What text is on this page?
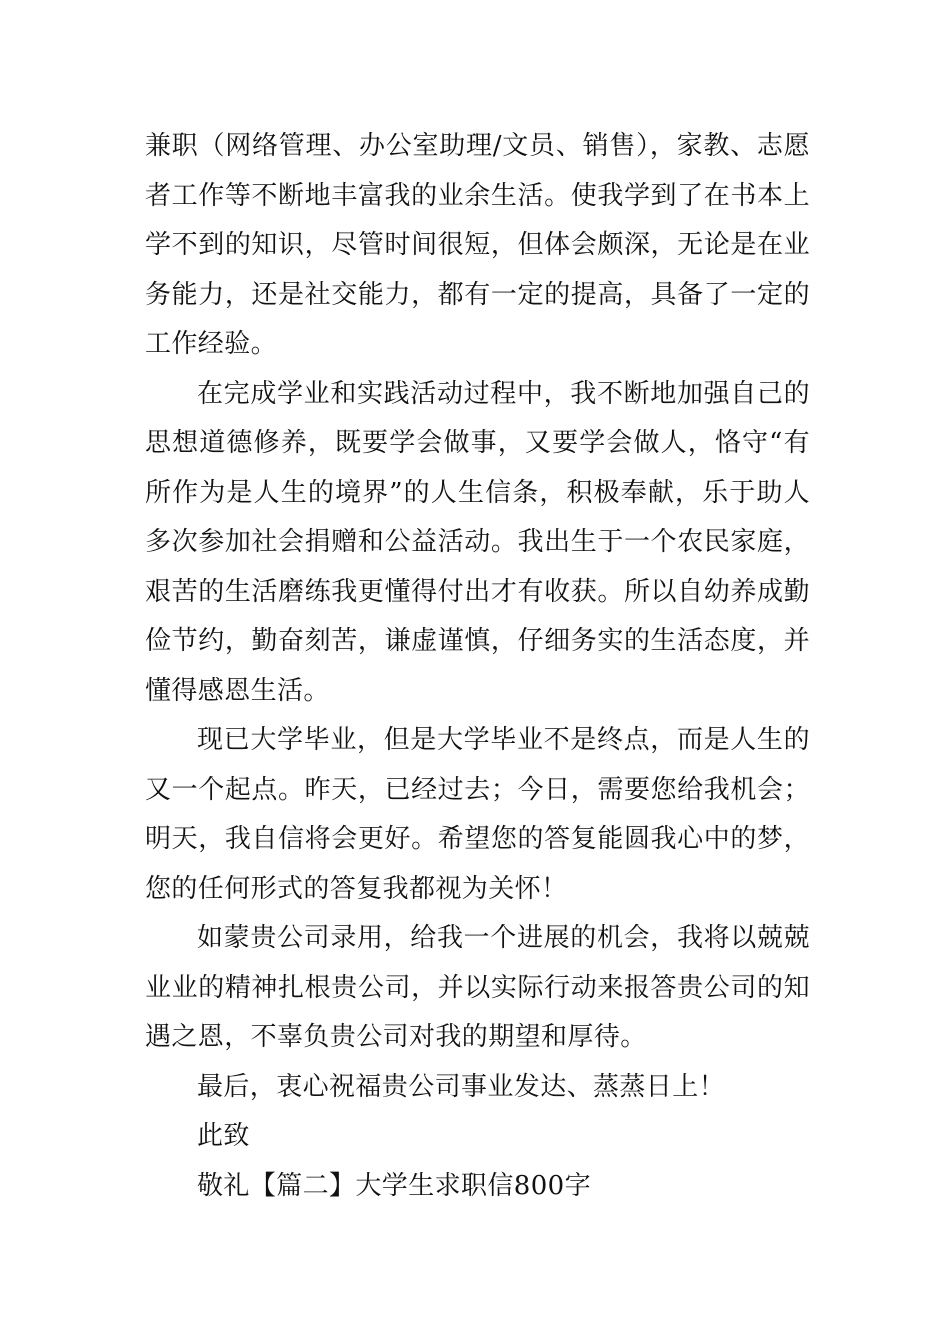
兼职（网络管理、办公室助理/文员、销售），家教、志愿者工作等不断地丰富我的业余生活。使我学到了在书本上学不到的知识，尽管时间很短，但体会颇深，无论是在业务能力，还是社交能力，都有一定的提高，具备了一定的工作经验。

在完成学业和实践活动过程中，我不断地加强自己的思想道德修养，既要学会做事，又要学会做人，恪守“有所作为是人生的境界”的人生信条，积极奉献，乐于助人多次参加社会捐赠和公益活动。我出生于一个农民家庭，艰苦的生活磨练我更懂得付出才有收获。所以自幼养成勤俭节约，勤奋刻苦，谦虚谨慎，仔细务实的生活态度，并懂得感恩生活。

现已大学毕业，但是大学毕业不是终点，而是人生的又一个起点。昨天，已经过去；今日，需要您给我机会；明天，我自信将会更好。希望您的答复能圆我心中的梦，您的任何形式的答复我都视为关怀！

如蒙贵公司录用，给我一个进展的机会，我将以兢兢业业的精神扎根贵公司，并以实际行动来报答贵公司的知遇之恩，不辜负贵公司对我的期望和厚待。

最后，衷心祝福贵公司事业发达、蒸蒸日上！

此致

敬礼【篇二】大学生求职信800字
